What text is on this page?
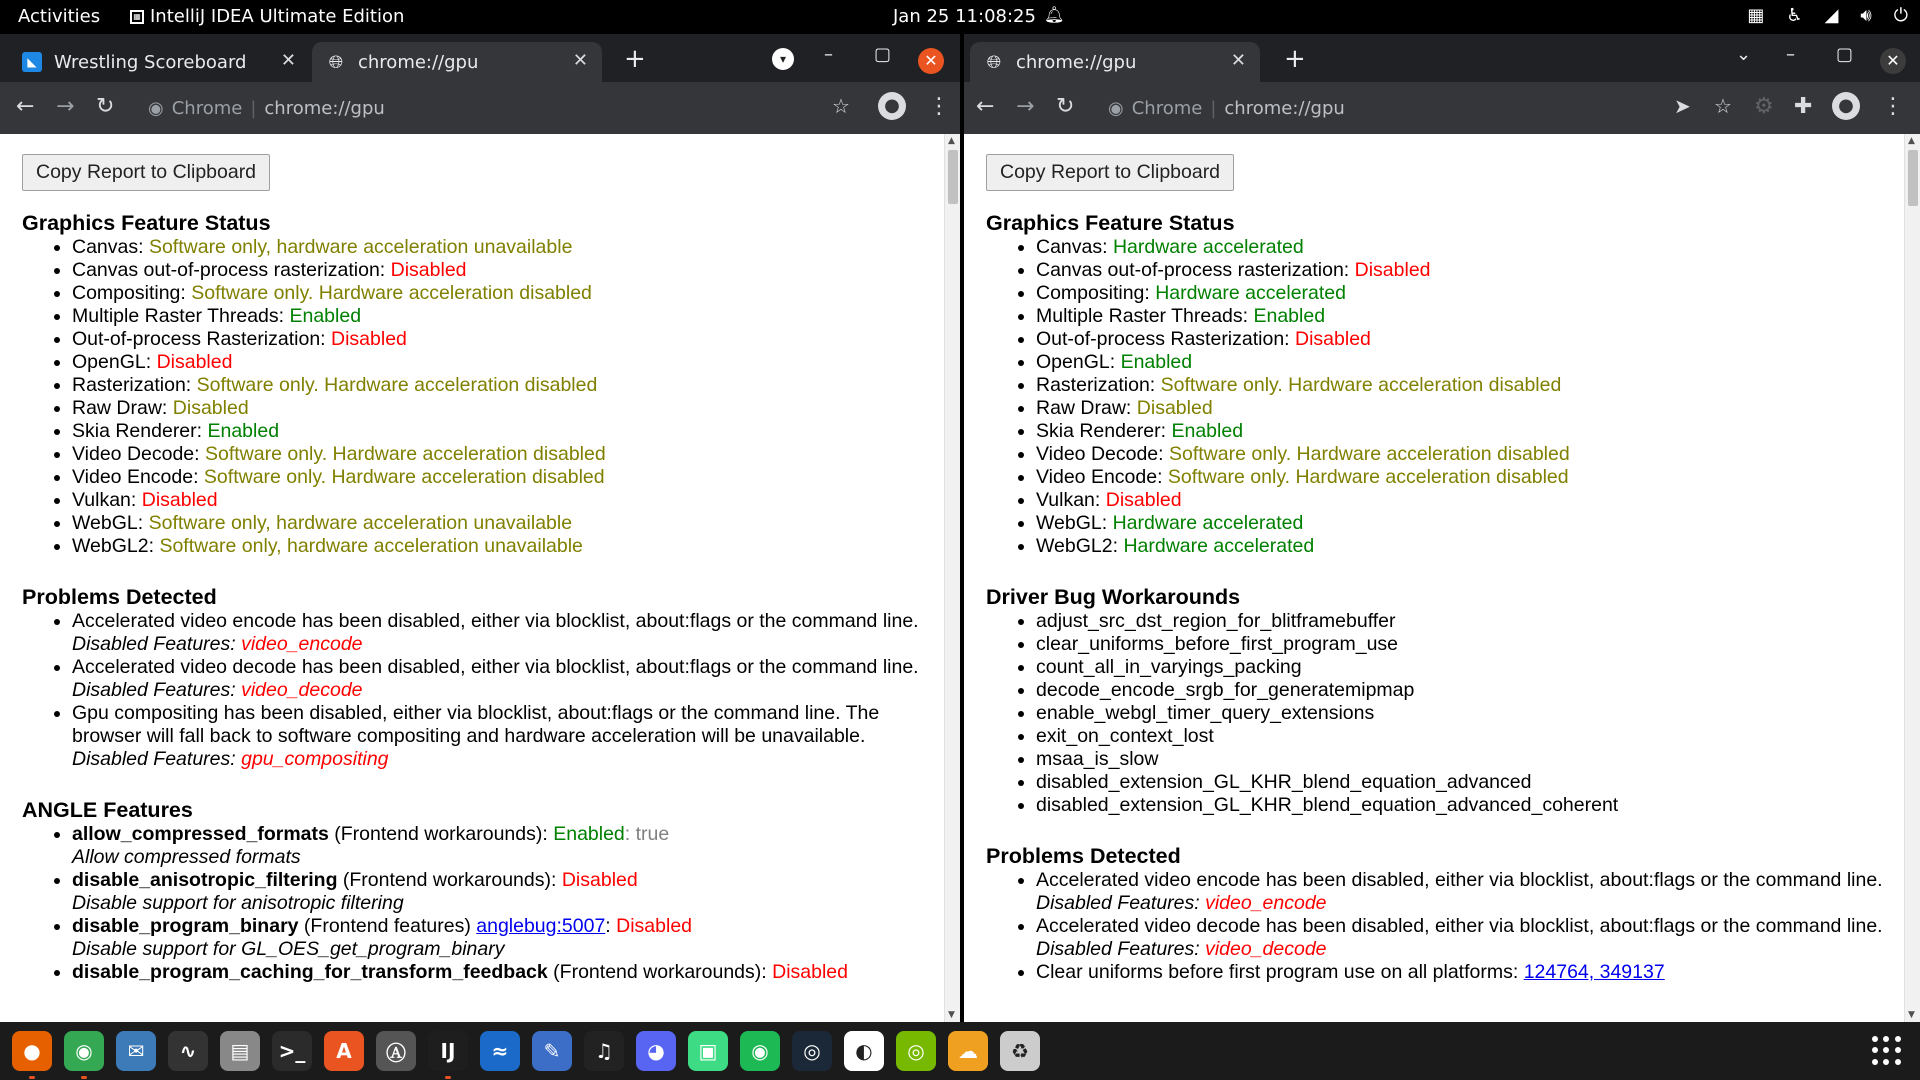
Activities	▦ IntelliJ IDEA Ultimate Edition	Jan 25 11:08:25 🔔︎	▦ ♿︎ ◢ 🔊︎ ⏻
◣ Wrestling Scoreboard ✕ 🌐︎ chrome://gpu	✕ +	▾	– ▢	✕
← → ↻ ◉ Chrome | chrome://gpu	☆	● ⋮
Copy Report to Clipboard
Graphics Feature Status
• Canvas: Software only, hardware acceleration unavailable
• Canvas out-of-process rasterization: Disabled
• Compositing: Software only. Hardware acceleration disabled
• Multiple Raster Threads: Enabled
• Out-of-process Rasterization: Disabled
• OpenGL: Disabled
• Rasterization: Software only. Hardware acceleration disabled
• Raw Draw: Disabled
• Skia Renderer: Enabled
• Video Decode: Software only. Hardware acceleration disabled
• Video Encode: Software only. Hardware acceleration disabled
• Vulkan: Disabled
• WebGL: Software only, hardware acceleration unavailable
• WebGL2: Software only, hardware acceleration unavailable
Problems Detected
• Accelerated video encode has been disabled, either via blocklist, about:flags or the command line.
Disabled Features: video_encode
• Accelerated video decode has been disabled, either via blocklist, about:flags or the command line.
Disabled Features: video_decode
• Gpu compositing has been disabled, either via blocklist, about:flags or the command line. The browser will fall back to software compositing and hardware acceleration will be unavailable.
Disabled Features: gpu_compositing
ANGLE Features
• allow_compressed_formats (Frontend workarounds): Enabled: true
Allow compressed formats
• disable_anisotropic_filtering (Frontend workarounds): Disabled
Disable support for anisotropic filtering
• disable_program_binary (Frontend features) anglebug:5007: Disabled
Disable support for GL_OES_get_program_binary
• disable_program_caching_for_transform_feedback (Frontend workarounds): Disabled
▲
▼
🌐︎ chrome://gpu	✕ +	⌄ – ▢	✕
← → ↻ ◉ Chrome | chrome://gpu	➤ ☆ ⚙ ✚	● ⋮
Copy Report to Clipboard
Graphics Feature Status
• Canvas: Hardware accelerated
• Canvas out-of-process rasterization: Disabled
• Compositing: Hardware accelerated
• Multiple Raster Threads: Enabled
• Out-of-process Rasterization: Disabled
• OpenGL: Enabled
• Rasterization: Software only. Hardware acceleration disabled
• Raw Draw: Disabled
• Skia Renderer: Enabled
• Video Decode: Software only. Hardware acceleration disabled
• Video Encode: Software only. Hardware acceleration disabled
• Vulkan: Disabled
• WebGL: Hardware accelerated
• WebGL2: Hardware accelerated
Driver Bug Workarounds
• adjust_src_dst_region_for_blitframebuffer
• clear_uniforms_before_first_program_use
• count_all_in_varyings_packing
• decode_encode_srgb_for_generatemipmap
• enable_webgl_timer_query_extensions
• exit_on_context_lost
• msaa_is_slow
• disabled_extension_GL_KHR_blend_equation_advanced
• disabled_extension_GL_KHR_blend_equation_advanced_coherent
Problems Detected
• Accelerated video encode has been disabled, either via blocklist, about:flags or the command line.
Disabled Features: video_encode
• Accelerated video decode has been disabled, either via blocklist, about:flags or the command line.
Disabled Features: video_decode
• Clear uniforms before first program use on all platforms: 124764, 349137
▲
▼
●	◉	✉	∿	▤	>_	A	Ⓐ	IJ	≈	✎	♫	◕	▣	◉	◎	◐	◎	☁	♻
